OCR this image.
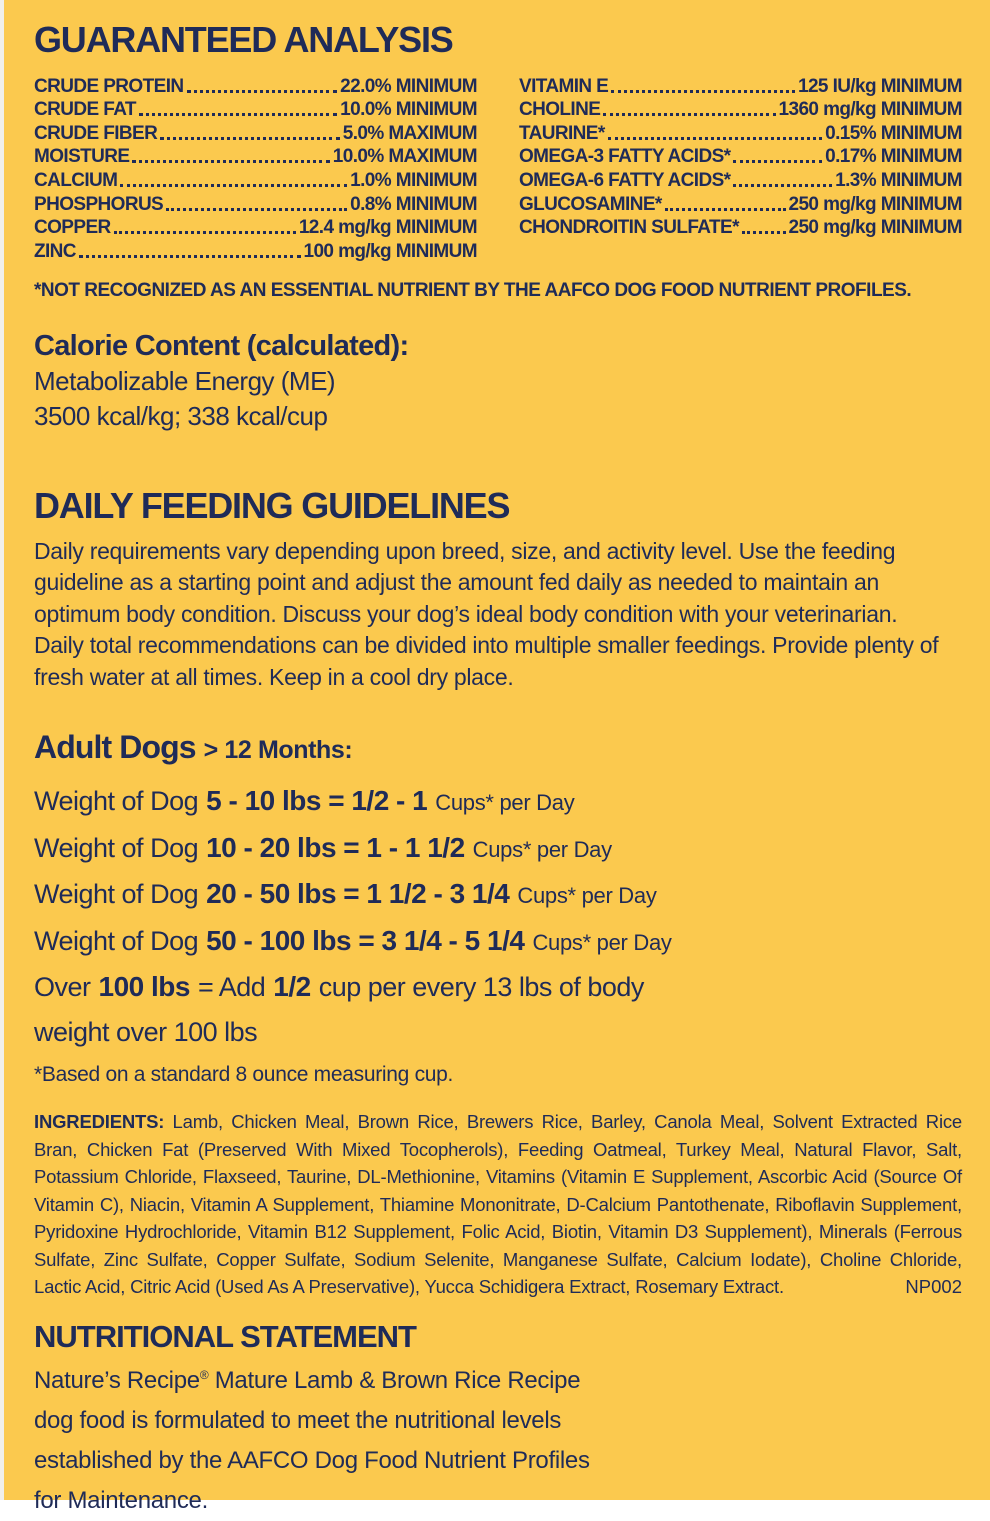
GUARANTEED ANALYSIS
CRUDE PROTEIN	22.0% MINIMUM
CRUDE FAT	10.0% MINIMUM
CRUDE FIBER	5.0% MAXIMUM
MOISTURE	10.0% MAXIMUM
CALCIUM	1.0% MINIMUM
PHOSPHORUS	0.8% MINIMUM
COPPER	12.4 mg/kg MINIMUM
ZINC	100 mg/kg MINIMUM
VITAMIN E	125 IU/kg MINIMUM
CHOLINE	1360 mg/kg MINIMUM
TAURINE*	0.15% MINIMUM
OMEGA-3 FATTY ACIDS*	0.17% MINIMUM
OMEGA-6 FATTY ACIDS*	1.3% MINIMUM
GLUCOSAMINE*	250 mg/kg MINIMUM
CHONDROITIN SULFATE*	250 mg/kg MINIMUM
*NOT RECOGNIZED AS AN ESSENTIAL NUTRIENT BY THE AAFCO DOG FOOD NUTRIENT PROFILES.
Calorie Content (calculated):
Metabolizable Energy (ME)
3500 kcal/kg; 338 kcal/cup
DAILY FEEDING GUIDELINES
Daily requirements vary depending upon breed, size, and activity level. Use the feeding guideline as a starting point and adjust the amount fed daily as needed to maintain an optimum body condition. Discuss your dog’s ideal body condition with your veterinarian. Daily total recommendations can be divided into multiple smaller feedings. Provide plenty of fresh water at all times. Keep in a cool dry place.
Adult Dogs > 12 Months:
Weight of Dog 5 - 10 lbs = 1/2 - 1 Cups* per Day
Weight of Dog 10 - 20 lbs = 1 - 1 1/2 Cups* per Day
Weight of Dog 20 - 50 lbs = 1 1/2 - 3 1/4 Cups* per Day
Weight of Dog 50 - 100 lbs = 3 1/4 - 5 1/4 Cups* per Day
Over 100 lbs = Add 1/2 cup per every 13 lbs of body
weight over 100 lbs
*Based on a standard 8 ounce measuring cup.
INGREDIENTS: Lamb, Chicken Meal, Brown Rice, Brewers Rice, Barley, Canola Meal, Solvent Extracted Rice Bran, Chicken Fat (Preserved With Mixed Tocopherols), Feeding Oatmeal, Turkey Meal, Natural Flavor, Salt, Potassium Chloride, Flaxseed, Taurine, DL-Methionine, Vitamins (Vitamin E Supplement, Ascorbic Acid (Source Of Vitamin C), Niacin, Vitamin A Supplement, Thiamine Mononitrate, D-Calcium Pantothenate, Riboflavin Supplement, Pyridoxine Hydrochloride, Vitamin B12 Supplement, Folic Acid, Biotin, Vitamin D3 Supplement), Minerals (Ferrous Sulfate, Zinc Sulfate, Copper Sulfate, Sodium Selenite, Manganese Sulfate, Calcium Iodate), Choline Chloride, Lactic Acid, Citric Acid (Used As A Preservative), Yucca Schidigera Extract, Rosemary Extract.	NP002
NUTRITIONAL STATEMENT
Nature’s Recipe® Mature Lamb & Brown Rice Recipe
dog food is formulated to meet the nutritional levels
established by the AAFCO Dog Food Nutrient Profiles
for Maintenance.
